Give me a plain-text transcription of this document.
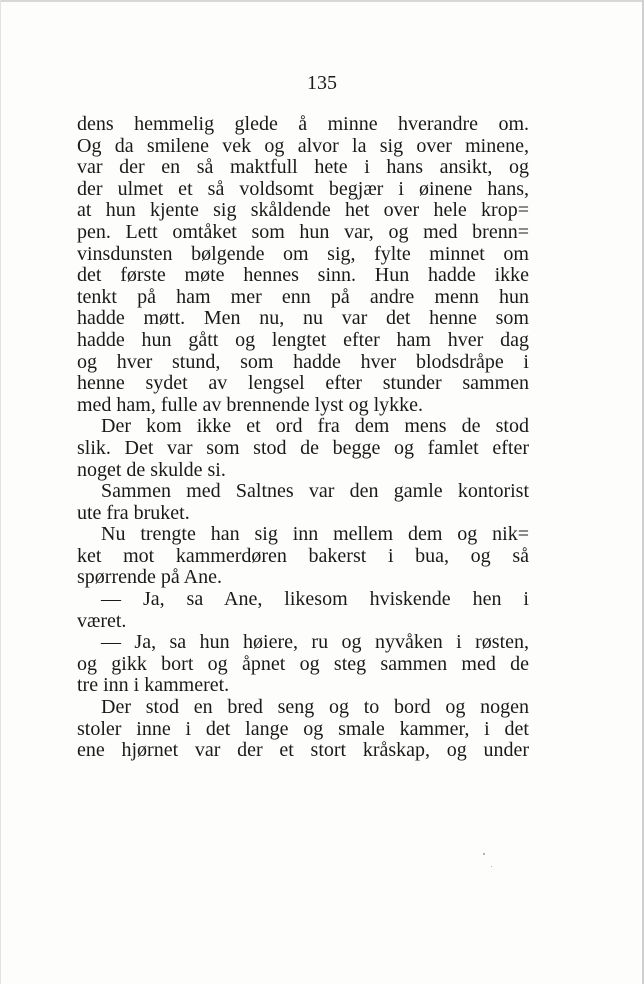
135
dens hemmelig glede å minne hverandre om.
Og da smilene vek og alvor la sig over minene,
var der en så maktfull hete i hans ansikt, og
der ulmet et så voldsomt begjær i øinene hans,
at hun kjente sig skåldende het over hele krop=
pen. Lett omtåket som hun var, og med brenn=
vinsdunsten bølgende om sig, fylte minnet om
det første møte hennes sinn. Hun hadde ikke
tenkt på ham mer enn på andre menn hun
hadde møtt. Men nu, nu var det henne som
hadde hun gått og lengtet efter ham hver dag
og hver stund, som hadde hver blodsdråpe i
henne sydet av lengsel efter stunder sammen
med ham, fulle av brennende lyst og lykke.
Der kom ikke et ord fra dem mens de stod
slik. Det var som stod de begge og famlet efter
noget de skulde si.
Sammen med Saltnes var den gamle kontorist
ute fra bruket.
Nu trengte han sig inn mellem dem og nik=
ket mot kammerdøren bakerst i bua, og så
spørrende på Ane.
— Ja, sa Ane, likesom hviskende hen i
været.
— Ja, sa hun høiere, ru og nyvåken i røsten,
og gikk bort og åpnet og steg sammen med de
tre inn i kammeret.
Der stod en bred seng og to bord og nogen
stoler inne i det lange og smale kammer, i det
ene hjørnet var der et stort kråskap, og under
